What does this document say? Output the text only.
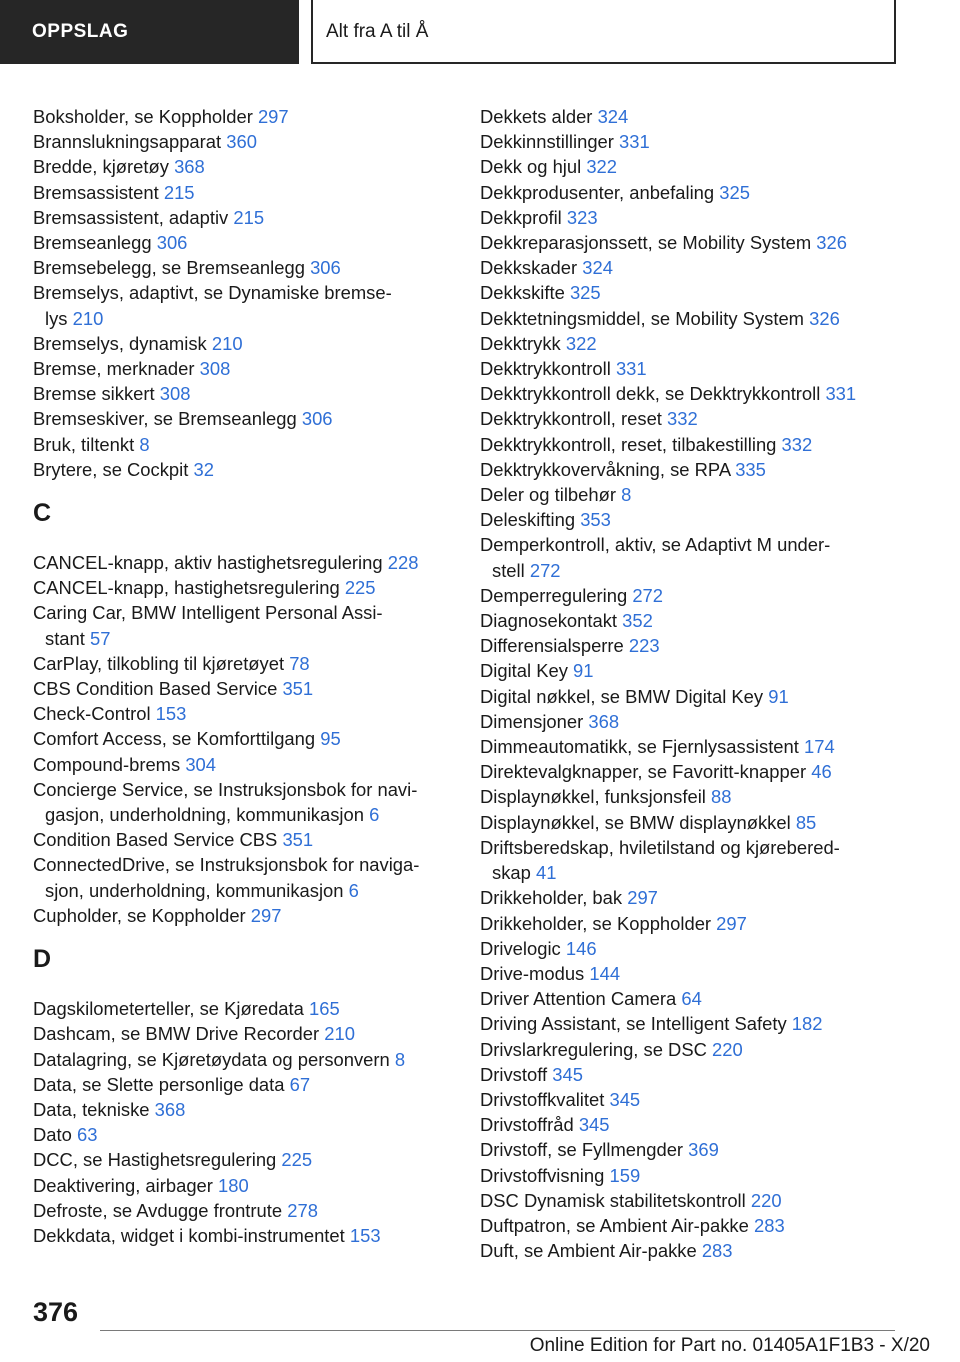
OPPSLAG	Alt fra A til Å
Boksholder, se Koppholder 297
Brannslukningsapparat 360
Bredde, kjøretøy 368
Bremsassistent 215
Bremsassistent, adaptiv 215
Bremseanlegg 306
Bremsebelegg, se Bremseanlegg 306
Bremselys, adaptivt, se Dynamiske bremse-
lys 210
Bremselys, dynamisk 210
Bremse, merknader 308
Bremse sikkert 308
Bremseskiver, se Bremseanlegg 306
Bruk, tiltenkt 8
Brytere, se Cockpit 32
C
CANCEL-knapp, aktiv hastighetsregulering 228
CANCEL-knapp, hastighetsregulering 225
Caring Car, BMW Intelligent Personal Assi-
stant 57
CarPlay, tilkobling til kjøretøyet 78
CBS Condition Based Service 351
Check-Control 153
Comfort Access, se Komforttilgang 95
Compound-brems 304
Concierge Service, se Instruksjonsbok for navi-
gasjon, underholdning, kommunikasjon 6
Condition Based Service CBS 351
ConnectedDrive, se Instruksjonsbok for naviga-
sjon, underholdning, kommunikasjon 6
Cupholder, se Koppholder 297
D
Dagskilometerteller, se Kjøredata 165
Dashcam, se BMW Drive Recorder 210
Datalagring, se Kjøretøydata og personvern 8
Data, se Slette personlige data 67
Data, tekniske 368
Dato 63
DCC, se Hastighetsregulering 225
Deaktivering, airbager 180
Defroste, se Avdugge frontrute 278
Dekkdata, widget i kombi-instrumentet 153
Dekkets alder 324
Dekkinnstillinger 331
Dekk og hjul 322
Dekkprodusenter, anbefaling 325
Dekkprofil 323
Dekkreparasjonssett, se Mobility System 326
Dekkskader 324
Dekkskifte 325
Dekktetningsmiddel, se Mobility System 326
Dekktrykk 322
Dekktrykkontroll 331
Dekktrykkontroll dekk, se Dekktrykkontroll 331
Dekktrykkontroll, reset 332
Dekktrykkontroll, reset, tilbakestilling 332
Dekktrykkovervåkning, se RPA 335
Deler og tilbehør 8
Deleskifting 353
Demperkontroll, aktiv, se Adaptivt M under-
stell 272
Demperregulering 272
Diagnosekontakt 352
Differensialsperre 223
Digital Key 91
Digital nøkkel, se BMW Digital Key 91
Dimensjoner 368
Dimmeautomatikk, se Fjernlysassistent 174
Direktevalgknapper, se Favoritt-knapper 46
Displaynøkkel, funksjonsfeil 88
Displaynøkkel, se BMW displaynøkkel 85
Driftsberedskap, hviletilstand og kjørebered-
skap 41
Drikkeholder, bak 297
Drikkeholder, se Koppholder 297
Drivelogic 146
Drive-modus 144
Driver Attention Camera 64
Driving Assistant, se Intelligent Safety 182
Drivslarkregulering, se DSC 220
Drivstoff 345
Drivstoffkvalitet 345
Drivstoffråd 345
Drivstoff, se Fyllmengder 369
Drivstoffvisning 159
DSC Dynamisk stabilitetskontroll 220
Duftpatron, se Ambient Air-pakke 283
Duft, se Ambient Air-pakke 283
376
Online Edition for Part no. 01405A1F1B3 - X/20
